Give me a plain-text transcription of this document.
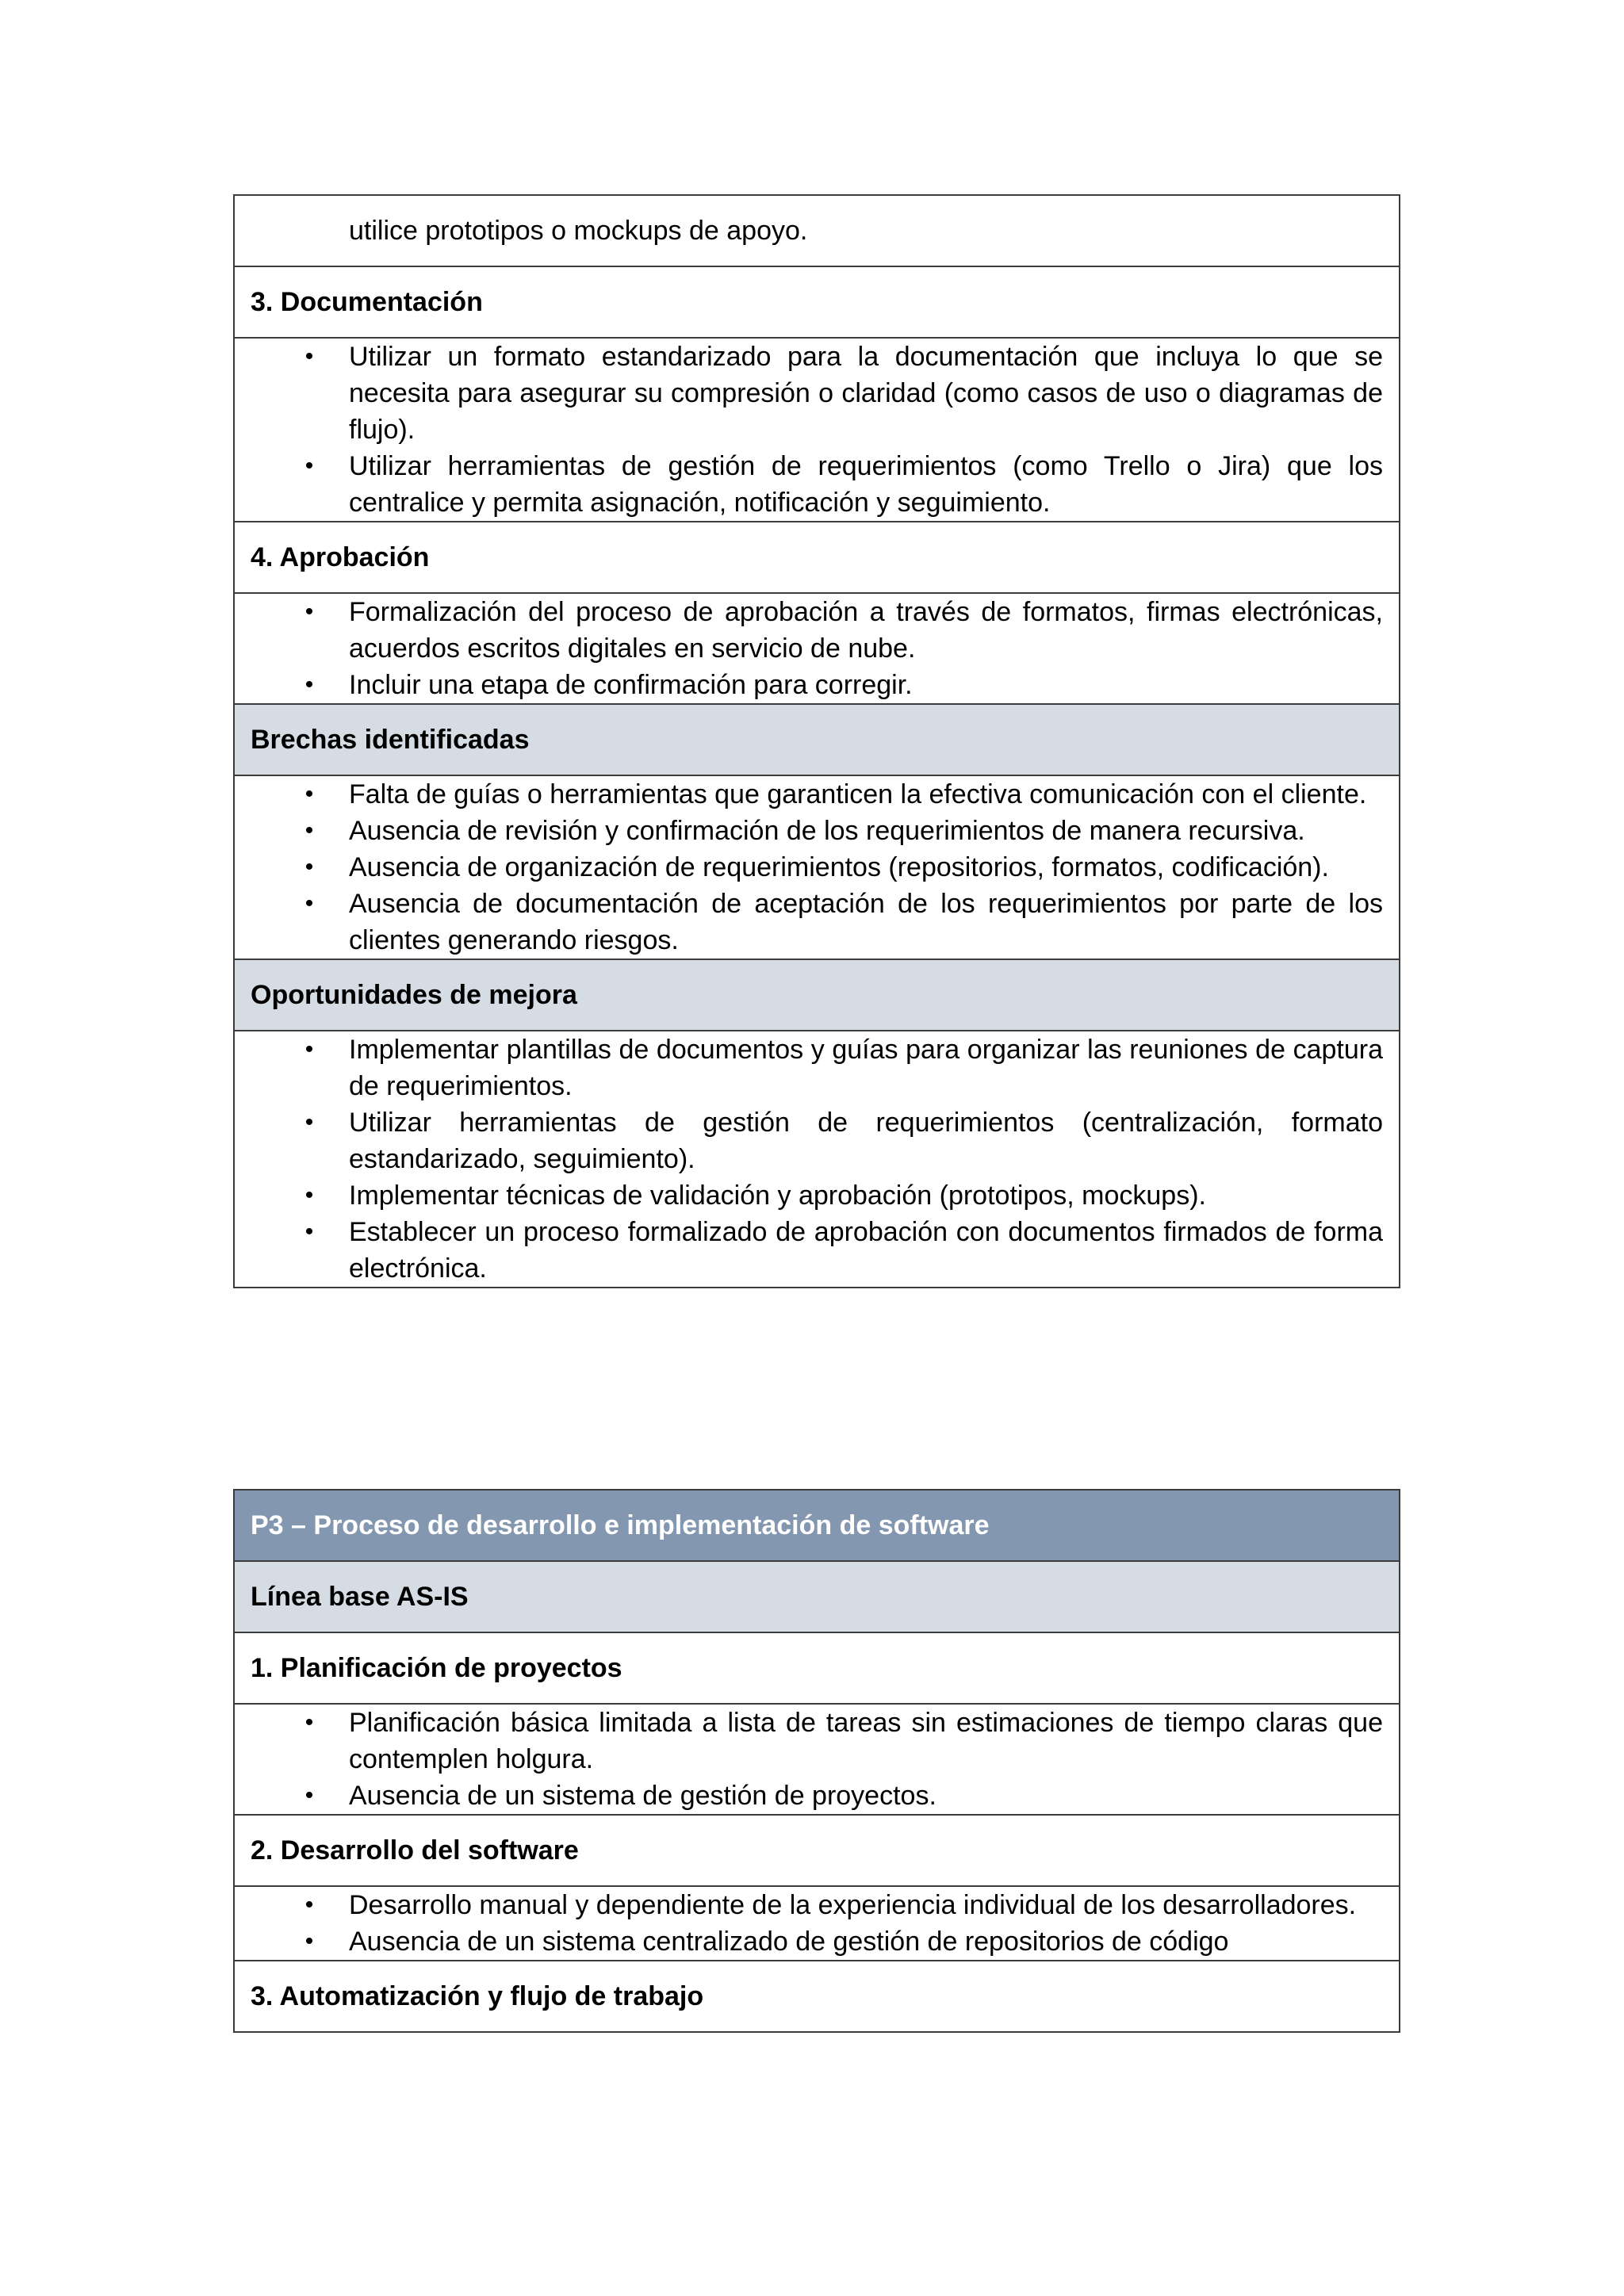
utilice prototipos o mockups de apoyo.

3. Documentación

• Utilizar un formato estandarizado para la documentación que incluya lo que se necesita para asegurar su compresión o claridad (como casos de uso o diagramas de flujo).
• Utilizar herramientas de gestión de requerimientos (como Trello o Jira) que los centralice y permita asignación, notificación y seguimiento.

4. Aprobación

• Formalización del proceso de aprobación a través de formatos, firmas electrónicas, acuerdos escritos digitales en servicio de nube.
• Incluir una etapa de confirmación para corregir.

Brechas identificadas

• Falta de guías o herramientas que garanticen la efectiva comunicación con el cliente.
• Ausencia de revisión y confirmación de los requerimientos de manera recursiva.
• Ausencia de organización de requerimientos (repositorios, formatos, codificación).
• Ausencia de documentación de aceptación de los requerimientos por parte de los clientes generando riesgos.

Oportunidades de mejora

• Implementar plantillas de documentos y guías para organizar las reuniones de captura de requerimientos.
• Utilizar herramientas de gestión de requerimientos (centralización, formato estandarizado, seguimiento).
• Implementar técnicas de validación y aprobación (prototipos, mockups).
• Establecer un proceso formalizado de aprobación con documentos firmados de forma electrónica.
P3 – Proceso de desarrollo e implementación de software
Línea base AS-IS
1. Planificación de proyectos

• Planificación básica limitada a lista de tareas sin estimaciones de tiempo claras que contemplen holgura.
• Ausencia de un sistema de gestión de proyectos.

2. Desarrollo del software

• Desarrollo manual y dependiente de la experiencia individual de los desarrolladores.
• Ausencia de un sistema centralizado de gestión de repositorios de código

3. Automatización y flujo de trabajo
